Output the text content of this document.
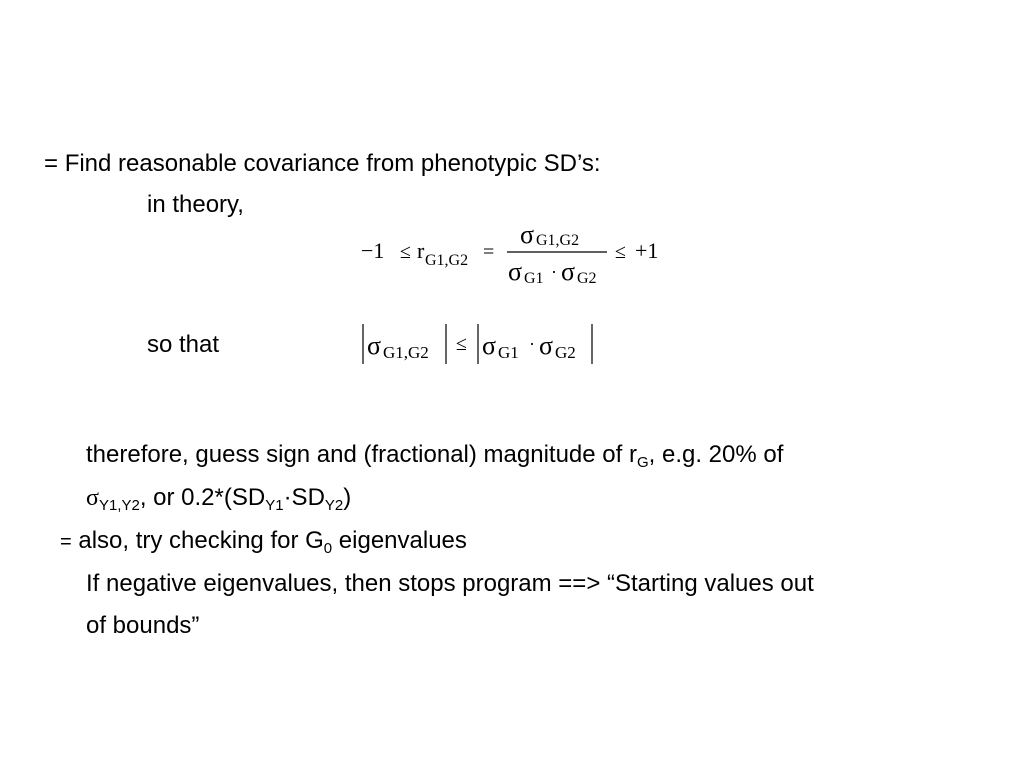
= Find reasonable covariance from phenotypic SD’s:
in theory,
−1 ≤ r G1,G2 =
σ G1,G2
σ G1 · σ G2
≤ +1
so that	σ G1,G2 ≤ σ G1 · σ G2
therefore, guess sign and (fractional) magnitude of $r_G$, e.g. 20% of
$\sigma_{Y1,Y2}$, or $0.2*(SD_{Y1}\cdot SD_{Y2})$
= also, try checking for $G_0$ eigenvalues
If negative eigenvalues, then stops program ==> “Starting values out
of bounds”
